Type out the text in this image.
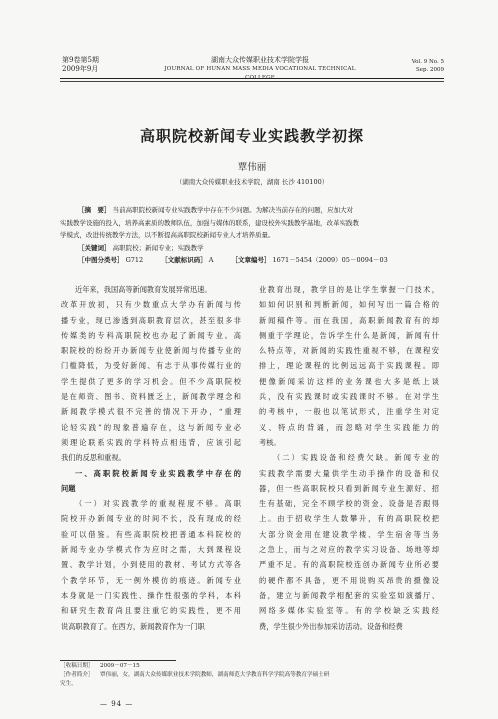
第9卷第5期
2009年9月
湖南大众传媒职业技术学院学报
JOURNAL OF HUNAN MASS MEDIA VOCATIONAL TECHNICAL COLLEGE
Vol. 9 No. 5
Sep. 2009
高职院校新闻专业实践教学初探
覃伟丽
（湖南大众传媒职业技术学院，湖南 长沙 410100）
［摘　要］ 当前高职院校新闻专业实践教学中存在不少问题。为解决当前存在的问题，应加大对
实践教学设施的投入，培养高素质的教师队伍，加强与媒体的联系，建设校外实践教学基地，改革实践教
学模式，改进传统教学方法，以不断提高高职院校新闻专业人才培养质量。
［关键词］ 高职院校；新闻专业；实践教学
［中图分类号］ G712	［文献标识码］ A	［文章编号］ 1671－5454（2009）05－0094－03
近年来，我国高等新闻教育发展异常迅速。
改革开放初，只有少数重点大学办有新闻与传
播专业，现已渗透到高职教育层次，甚至很多非
传媒类的专科高职院校也办起了新闻专业。高
职院校的纷纷开办新闻专业使新闻与传播专业的
门槛降低，为受好新闻、有志于从事传媒行业的
学生提供了更多的学习机会。但不少高职院校
是在师资、图书、资料匮乏上，新闻教学理念和
新闻教学模式很不完善的情况下开办，“重理
论轻实践”的现象普遍存在，这与新闻专业必
须理论联系实践的学科特点相违背，应该引起
我们的反思和重视。
一、高职院校新闻专业实践教学中存在的
问题
（一）对实践教学的重视程度不够。高职
院校开办新闻专业的时间不长，没有现成的经
验可以借鉴。有些高职院校把普通本科院校的
新闻专业办学模式作为应时之需，大到课程设
置、教学计划，小到使用的教材、考试方式等各
个教学环节，无一例外模仿的痕迹。新闻专业
本身就是一门实践性、操作性很强的学科，本科
和研究生教育尚且要注重它的实践性，更不用
说高职教育了。在西方，新闻教育作为一门职
业教育出现，教学目的是让学生掌握一门技术，
如如何识别和判断新闻，如何写出一篇合格的
新闻稿件等。而在我国，高职新闻教育有的却
侧重于学理论，告诉学生什么是新闻，新闻有什
么特点等，对新闻的实践性重视不够，在课程安
排上，理论课程的比例远远高于实践课程。即
便像新闻采访这样的业务课也大多是纸上谈
兵，没有实践课时或实践课时不够。在对学生
的考核中，一般也以笔试形式，注重学生对定
义、特点的背诵，而忽略对学生实践能力的
考核。
（二）实践设备和经费欠缺。新闻专业的
实践教学需要大量供学生动手操作的设备和仪
器，但一些高职院校只看到新闻专业生源好、招
生有基础，完全不顾学校的资金、设备是否跟得
上。由于招收学生人数攀升，有的高职院校把
大部分资金用在建设教学楼、学生宿舍等当务
之急上，而与之对应的教学实习设备、场地等却
严重不足。有的高职院校连创办新闻专业所必要
的硬件都不具备，更不用说购买昂贵的摄像设
备，建立与新闻教学相配套的实验室如演播厅、
网络多媒体实验室等。有的学校缺乏实践经
费，学生很少外出参加采访活动。设备和经费
［收稿日期］ 2009－07－15
［作者简介］ 覃伟丽，女，湖南大众传媒职业技术学院教师，湖南师范大学教育科学学院高等教育学硕士研
究生。
— 94 —
